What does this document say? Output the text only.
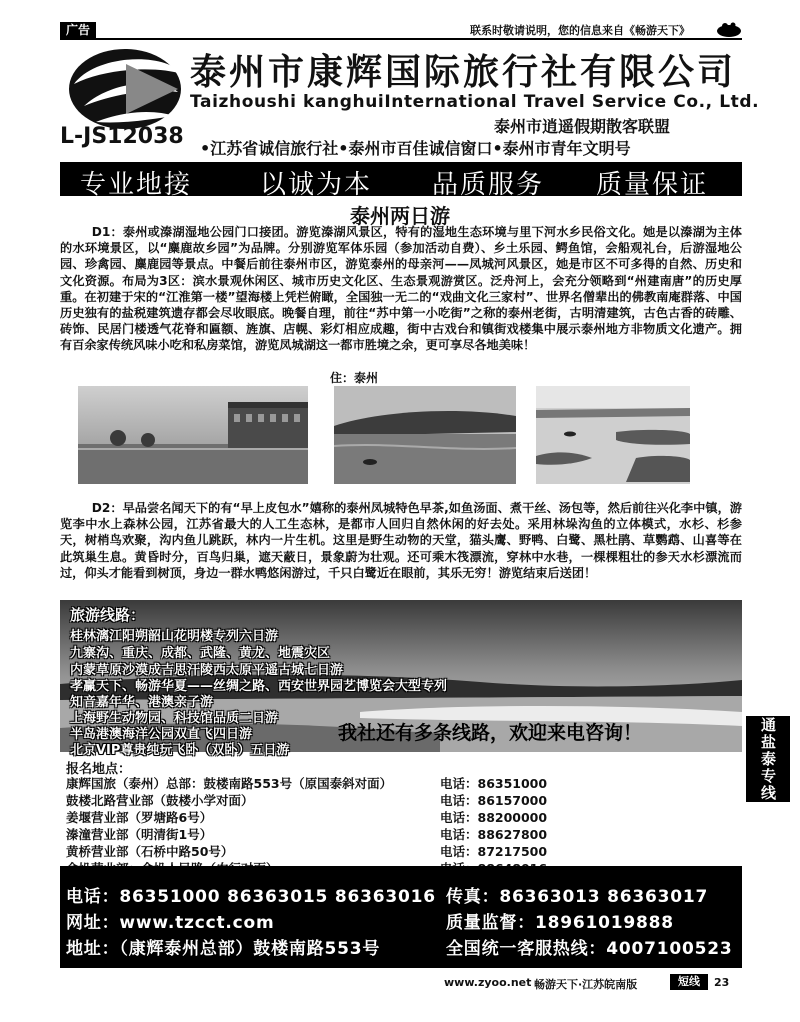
广告	联系时敬请说明，您的信息来自《畅游天下》
泰州市康辉国际旅行社有限公司
Taizhoushi kanghuiInternational Travel Service Co., Ltd.
泰州市逍遥假期散客联盟
L-JS12038 •江苏省诚信旅行社•泰州市百佳诚信窗口•泰州市青年文明号
专业地接	以诚为本 品质服务 质量保证
泰州两日游
D1：泰州或溱湖湿地公园门口接团。游览溱湖风景区，特有的湿地生态环境与里下河水乡民俗文化。她是以溱湖为主体的水环境景区，以“麋鹿故乡园”为品牌。分别游览军体乐园（参加活动自费）、乡土乐园、鳄鱼馆，会船观礼台，后游湿地公园、珍禽园、麋鹿园等景点。中餐后前往泰州市区，游览泰州的母亲河——凤城河风景区，她是市区不可多得的自然、历史和文化资源。布局为3区：滨水景观休闲区、城市历史文化区、生态景观游赏区。泛舟河上，会充分领略到“州建南唐”的历史厚重。在初建于宋的“江淮第一楼”望海楼上凭栏俯瞰，全国独一无二的“戏曲文化三家村”、世界名僧辈出的佛教南庵群落、中国历史独有的盐税建筑遗存都会尽收眼底。晚餐自理，前往“苏中第一小吃街”之称的泰州老街，古明清建筑，古色古香的砖雕、砖饰、民居门楼透气花脊和匾额、旌旗、店幌、彩灯相应成趣，街中古戏台和镇街戏楼集中展示泰州地方非物质文化遗产。拥有百余家传统风味小吃和私房菜馆，游览凤城湖这一都市胜境之余，更可享尽各地美味！
住：泰州
D2：早品尝名闻天下的有“早上皮包水”嬉称的泰州凤城特色早茶,如鱼汤面、煮干丝、汤包等，然后前往兴化李中镇，游览李中水上森林公园，江苏省最大的人工生态林，是都市人回归自然休闲的好去处。采用林垛沟鱼的立体模式，水杉、杉参天，树梢鸟欢聚，沟内鱼儿跳跃，林内一片生机。这里是野生动物的天堂，猫头鹰、野鸭、白鹭、黑杜鹃、草鹦鹉、山喜等在此筑巢生息。黄昏时分，百鸟归巢，遮天蔽日，景象蔚为壮观。还可乘木筏漂流，穿林中水巷，一棵棵粗壮的参天水杉漂流而过，仰头才能看到树顶，身边一群水鸭悠闲游过，千只白鹭近在眼前，其乐无穷！游览结束后送团！
旅游线路：
桂林漓江阳朔韶山花明楼专列六日游
九寨沟、重庆、成都、武隆、黄龙、地震灾区
内蒙草原沙漠成吉思汗陵西太原平遥古城七日游
孝赢天下、畅游华夏——丝绸之路、西安世界园艺博览会大型专列
知音嘉年华、港澳亲子游
上海野生动物园、科技馆品质二日游
半岛港澳海洋公园双直飞四日游
北京VIP尊贵纯玩飞卧（双卧）五日游
我社还有多条线路，欢迎来电咨询！	通盐泰专线
报名地点：
康辉国旅（泰州）总部：鼓楼南路553号（原国泰斜对面）	电话：86351000
鼓楼北路营业部（鼓楼小学对面）	电话：86157000
姜堰营业部（罗塘路6号）	电话：88200000
溱潼营业部（明清街1号）	电话：88627800
黄桥营业部（石桥中路50号）	电话：87217500
电话：86351000 86363015 86363016 传真：86363013 86363017
网址：www.tzcct.com	质量监督：18961019888
地址：（康辉泰州总部）鼓楼南路553号	全国统一客服热线：4007100523
www.zyoo.net 畅游天下·江苏皖南版	短线	23
